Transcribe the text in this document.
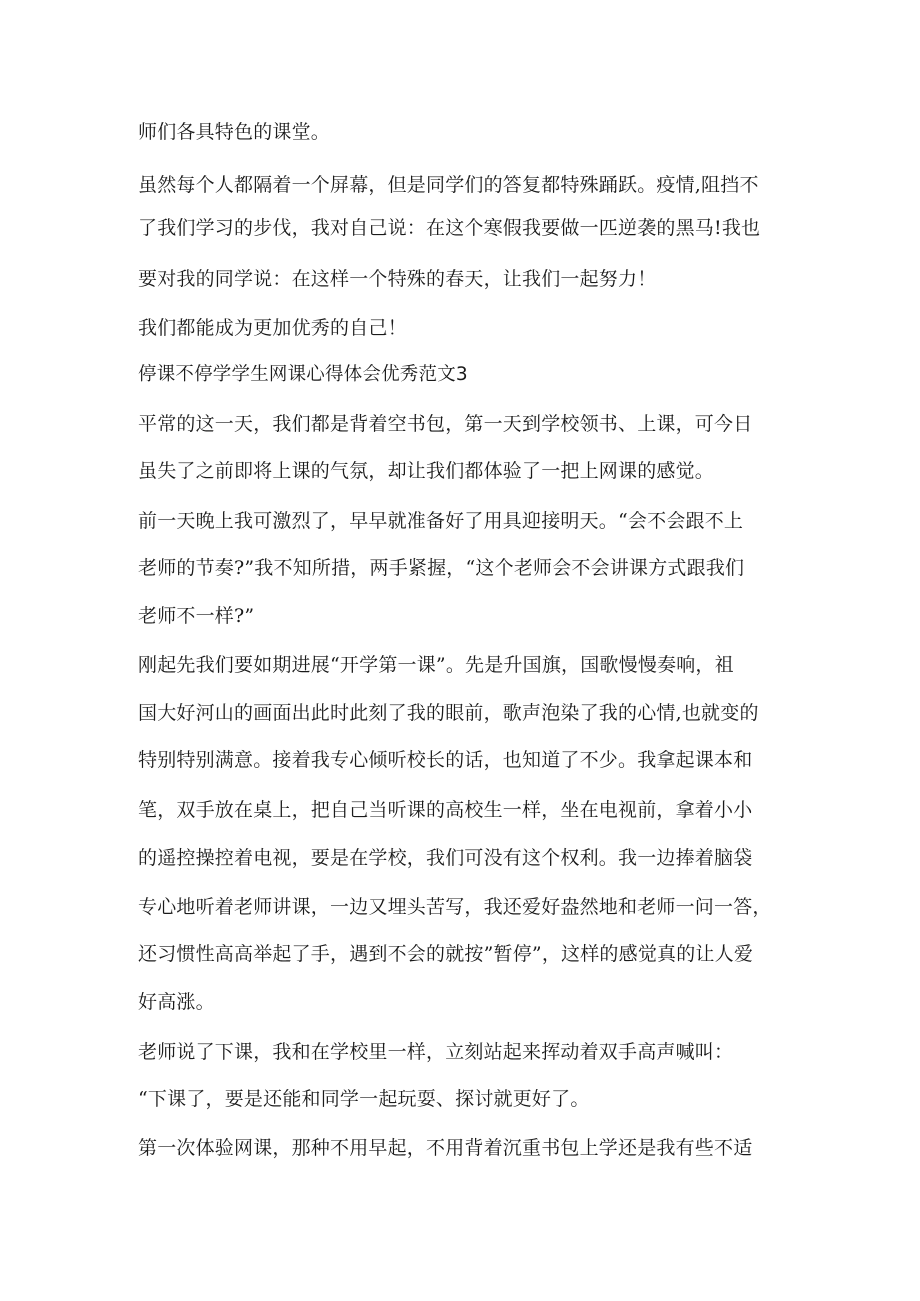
师们各具特色的课堂。
虽然每个人都隔着一个屏幕，但是同学们的答复都特殊踊跃。疫情,阻挡不
了我们学习的步伐，我对自己说：在这个寒假我要做一匹逆袭的黑马!我也
要对我的同学说：在这样一个特殊的春天，让我们一起努力！
我们都能成为更加优秀的自己！
停课不停学学生网课心得体会优秀范文3
平常的这一天，我们都是背着空书包，第一天到学校领书、上课，可今日
虽失了之前即将上课的气氛，却让我们都体验了一把上网课的感觉。
前一天晚上我可激烈了，早早就准备好了用具迎接明天。“会不会跟不上
老师的节奏?”我不知所措，两手紧握，“这个老师会不会讲课方式跟我们
老师不一样?”
刚起先我们要如期进展“开学第一课”。先是升国旗，国歌慢慢奏响，祖
国大好河山的画面出此时此刻了我的眼前，歌声泡染了我的心情,也就变的
特别特别满意。接着我专心倾听校长的话，也知道了不少。我拿起课本和
笔，双手放在桌上，把自己当听课的高校生一样，坐在电视前，拿着小小
的遥控操控着电视，要是在学校，我们可没有这个权利。我一边捧着脑袋
专心地听着老师讲课，一边又埋头苦写，我还爱好盎然地和老师一问一答，
还习惯性高高举起了手，遇到不会的就按”暂停”，这样的感觉真的让人爱
好高涨。
老师说了下课，我和在学校里一样，立刻站起来挥动着双手高声喊叫：
“下课了，要是还能和同学一起玩耍、探讨就更好了。
第一次体验网课，那种不用早起，不用背着沉重书包上学还是我有些不适
